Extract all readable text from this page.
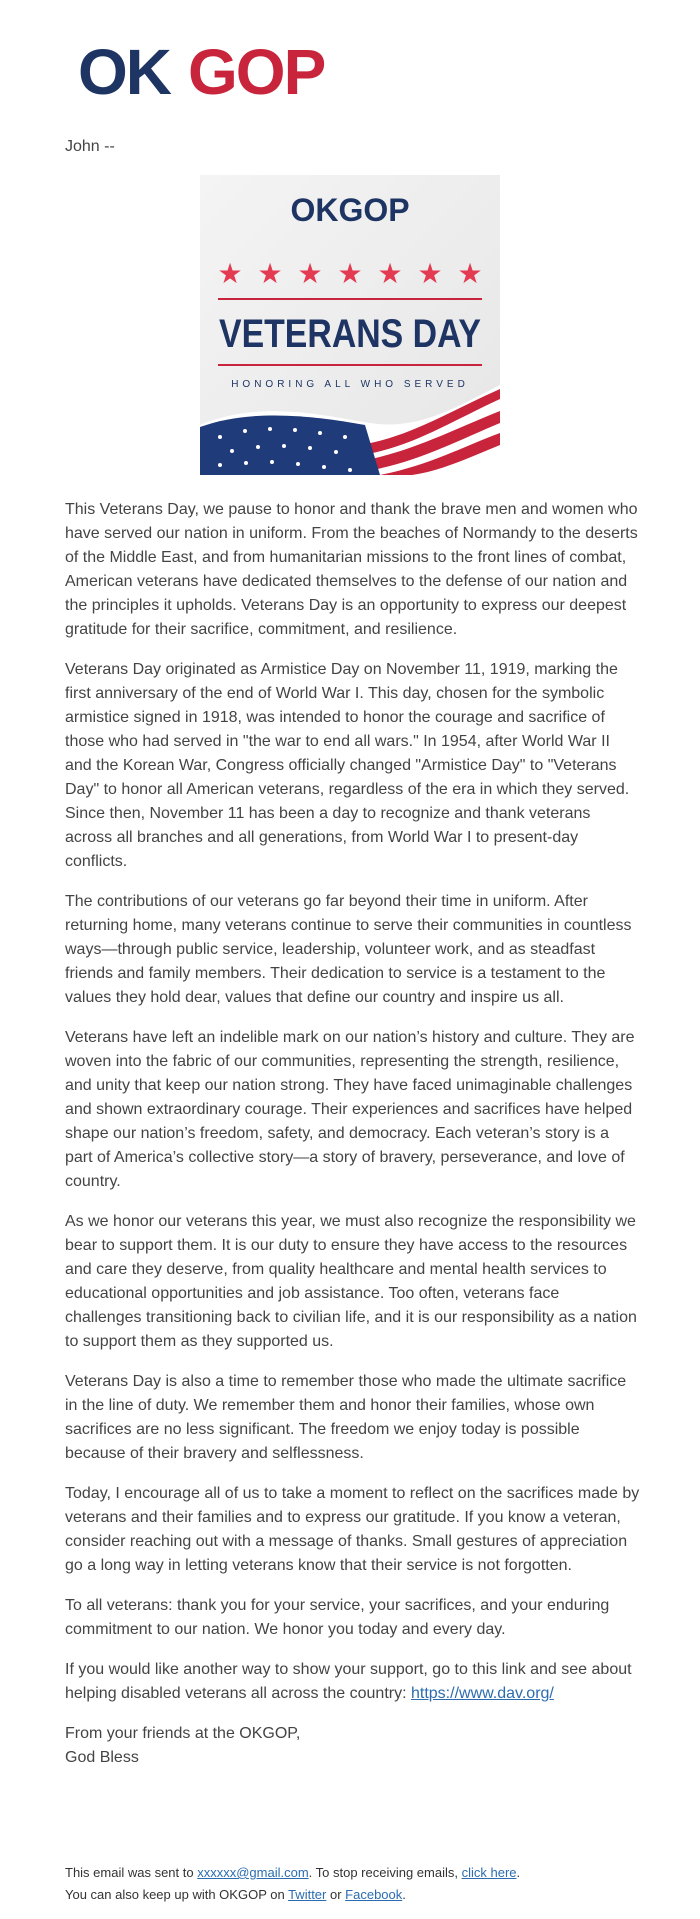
OK GOP
John --
OKGOP
★ ★ ★ ★ ★ ★ ★
VETERANS DAY
HONORING ALL WHO SERVED

This Veterans Day, we pause to honor and thank the brave men and women who have served our nation in uniform. From the beaches of Normandy to the deserts of the Middle East, and from humanitarian missions to the front lines of combat, American veterans have dedicated themselves to the defense of our nation and the principles it upholds. Veterans Day is an opportunity to express our deepest gratitude for their sacrifice, commitment, and resilience.

Veterans Day originated as Armistice Day on November 11, 1919, marking the first anniversary of the end of World War I. This day, chosen for the symbolic armistice signed in 1918, was intended to honor the courage and sacrifice of those who had served in "the war to end all wars." In 1954, after World War II and the Korean War, Congress officially changed "Armistice Day" to "Veterans Day" to honor all American veterans, regardless of the era in which they served. Since then, November 11 has been a day to recognize and thank veterans across all branches and all generations, from World War I to present-day conflicts.

The contributions of our veterans go far beyond their time in uniform. After returning home, many veterans continue to serve their communities in countless ways—through public service, leadership, volunteer work, and as steadfast friends and family members. Their dedication to service is a testament to the values they hold dear, values that define our country and inspire us all.

Veterans have left an indelible mark on our nation’s history and culture. They are woven into the fabric of our communities, representing the strength, resilience, and unity that keep our nation strong. They have faced unimaginable challenges and shown extraordinary courage. Their experiences and sacrifices have helped shape our nation’s freedom, safety, and democracy. Each veteran’s story is a part of America’s collective story—a story of bravery, perseverance, and love of country.

As we honor our veterans this year, we must also recognize the responsibility we bear to support them. It is our duty to ensure they have access to the resources and care they deserve, from quality healthcare and mental health services to educational opportunities and job assistance. Too often, veterans face challenges transitioning back to civilian life, and it is our responsibility as a nation to support them as they supported us.

Veterans Day is also a time to remember those who made the ultimate sacrifice in the line of duty. We remember them and honor their families, whose own sacrifices are no less significant. The freedom we enjoy today is possible because of their bravery and selflessness.

Today, I encourage all of us to take a moment to reflect on the sacrifices made by veterans and their families and to express our gratitude. If you know a veteran, consider reaching out with a message of thanks. Small gestures of appreciation go a long way in letting veterans know that their service is not forgotten.

To all veterans: thank you for your service, your sacrifices, and your enduring commitment to our nation. We honor you today and every day.

If you would like another way to show your support, go to this link and see about helping disabled veterans all across the country: https://www.dav.org/

From your friends at the OKGOP,
God Bless
This email was sent to xxxxxx@gmail.com. To stop receiving emails, click here.
You can also keep up with OKGOP on Twitter or Facebook.
